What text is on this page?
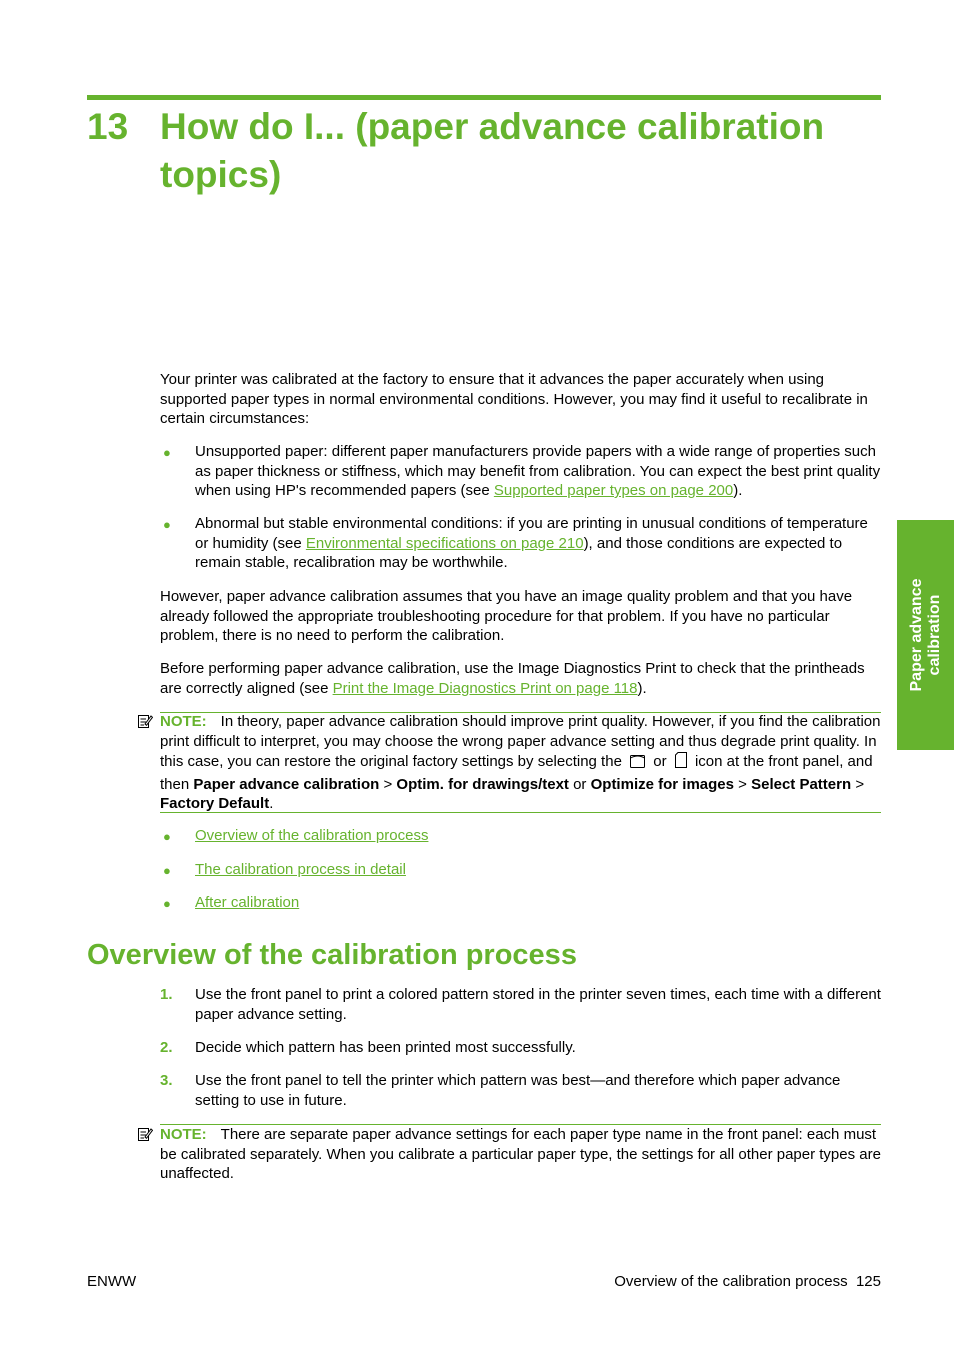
13 How do I... (paper advance calibration topics)
Your printer was calibrated at the factory to ensure that it advances the paper accurately when using supported paper types in normal environmental conditions. However, you may find it useful to recalibrate in certain circumstances:
● Unsupported paper: different paper manufacturers provide papers with a wide range of properties such as paper thickness or stiffness, which may benefit from calibration. You can expect the best print quality when using HP's recommended papers (see Supported paper types on page 200).
● Abnormal but stable environmental conditions: if you are printing in unusual conditions of temperature or humidity (see Environmental specifications on page 210), and those conditions are expected to remain stable, recalibration may be worthwhile.
However, paper advance calibration assumes that you have an image quality problem and that you have already followed the appropriate troubleshooting procedure for that problem. If you have no particular problem, there is no need to perform the calibration.
Before performing paper advance calibration, use the Image Diagnostics Print to check that the printheads are correctly aligned (see Print the Image Diagnostics Print on page 118).
NOTE: In theory, paper advance calibration should improve print quality. However, if you find the calibration print difficult to interpret, you may choose the wrong paper advance setting and thus degrade print quality. In this case, you can restore the original factory settings by selecting the or icon at the front panel, and then Paper advance calibration > Optim. for drawings/text or Optimize for images > Select Pattern > Factory Default.
● Overview of the calibration process
● The calibration process in detail
● After calibration
Overview of the calibration process
1. Use the front panel to print a colored pattern stored in the printer seven times, each time with a different paper advance setting.
2. Decide which pattern has been printed most successfully.
3. Use the front panel to tell the printer which pattern was best—and therefore which paper advance setting to use in future.
NOTE: There are separate paper advance settings for each paper type name in the front panel: each must be calibrated separately. When you calibrate a particular paper type, the settings for all other paper types are unaffected.
Paper advance calibration
ENWW	Overview of the calibration process 125
